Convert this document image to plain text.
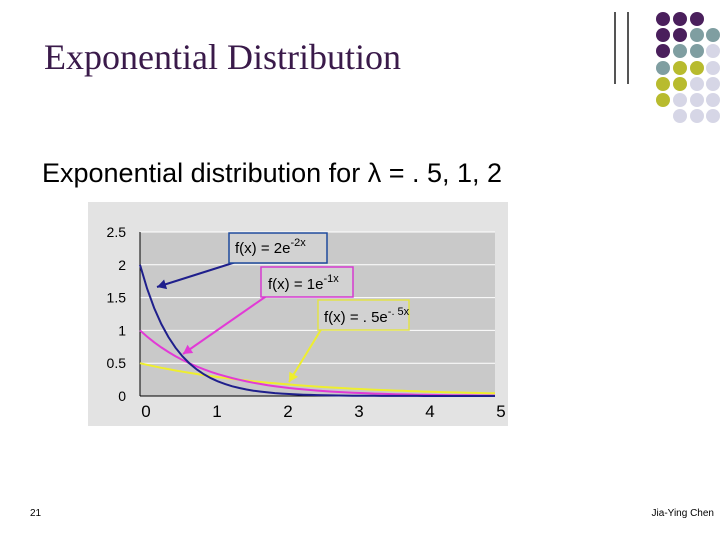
Exponential Distribution
Exponential distribution for λ = . 5, 1, 2
0
0.5
1
1.5
2
2.5
0	1	2	3	4	5
$f(x) = 2e^{-2x}$
$f(x) = 1e^{-1x}$
f(x) = . $5e^{-. 5x}$
21	Jia-Ying Chen
